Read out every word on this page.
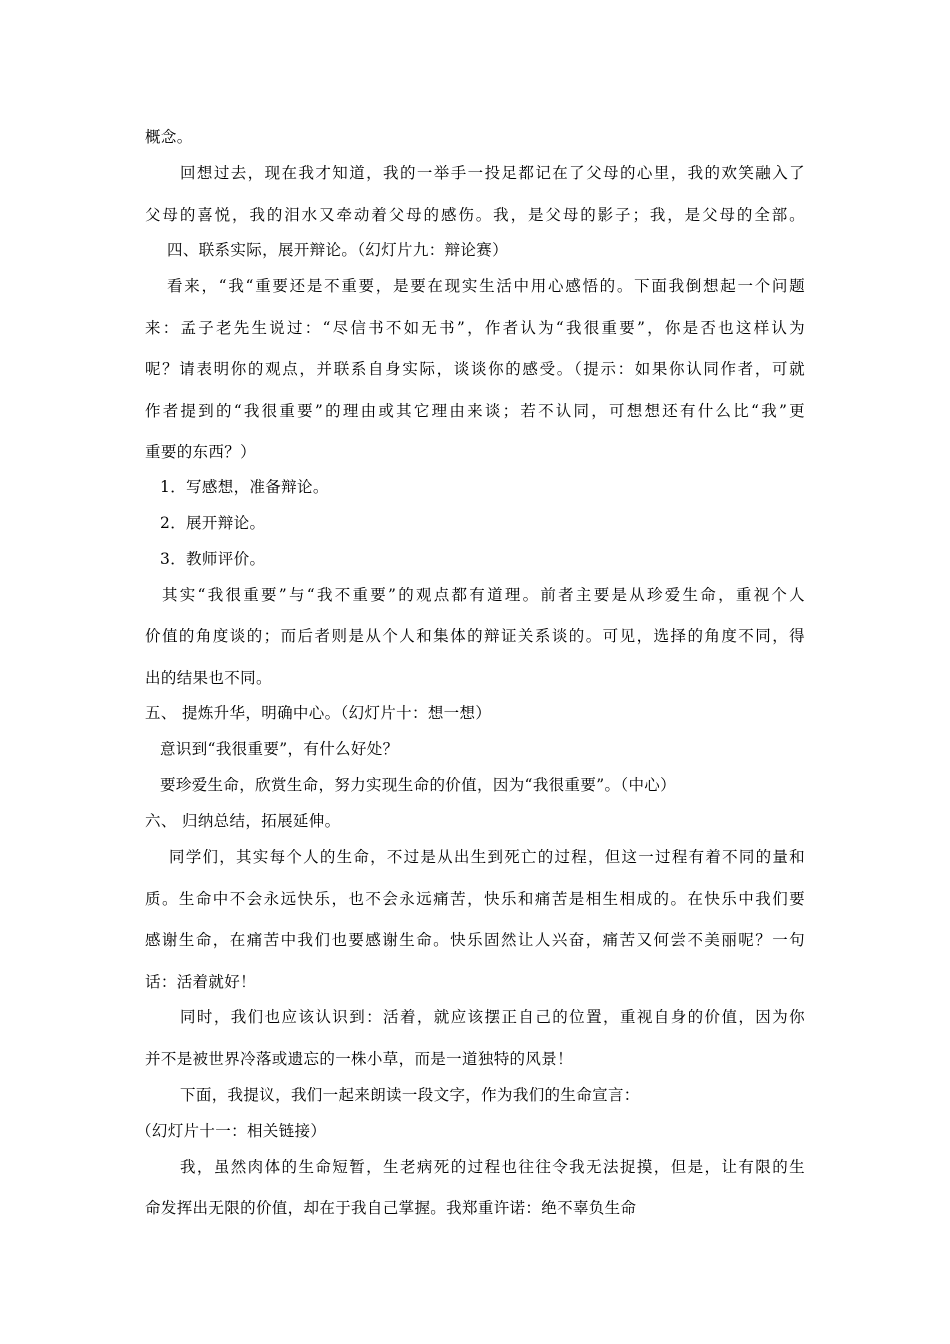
概念。
回想过去，现在我才知道，我的一举手一投足都记在了父母的心里，我的欢笑融入了
父母的喜悦，我的泪水又牵动着父母的感伤。我，是父母的影子；我，是父母的全部。
四、联系实际，展开辩论。（幻灯片九：辩论赛）
看来，“我“重要还是不重要，是要在现实生活中用心感悟的。下面我倒想起一个问题
来：孟子老先生说过：“尽信书不如无书”，作者认为“我很重要”，你是否也这样认为
呢？请表明你的观点，并联系自身实际，谈谈你的感受。（提示：如果你认同作者，可就
作者提到的“我很重要”的理由或其它理由来谈；若不认同，可想想还有什么比“我”更
重要的东西？）
1．写感想，准备辩论。
2．展开辩论。
3．教师评价。
其实“我很重要”与“我不重要”的观点都有道理。前者主要是从珍爱生命，重视个人
价值的角度谈的；而后者则是从个人和集体的辩证关系谈的。可见，选择的角度不同，得
出的结果也不同。
五、 提炼升华，明确中心。（幻灯片十：想一想）
意识到“我很重要”，有什么好处？
要珍爱生命，欣赏生命，努力实现生命的价值，因为“我很重要”。（中心）
六、 归纳总结，拓展延伸。
同学们，其实每个人的生命，不过是从出生到死亡的过程，但这一过程有着不同的量和
质。生命中不会永远快乐，也不会永远痛苦，快乐和痛苦是相生相成的。在快乐中我们要
感谢生命，在痛苦中我们也要感谢生命。快乐固然让人兴奋，痛苦又何尝不美丽呢？一句
话：活着就好！
同时，我们也应该认识到：活着，就应该摆正自己的位置，重视自身的价值，因为你
并不是被世界冷落或遗忘的一株小草，而是一道独特的风景！
下面，我提议，我们一起来朗读一段文字，作为我们的生命宣言：
（幻灯片十一：相关链接）
我，虽然肉体的生命短暂，生老病死的过程也往往令我无法捉摸，但是，让有限的生
命发挥出无限的价值，却在于我自己掌握。我郑重许诺：绝不辜负生命
